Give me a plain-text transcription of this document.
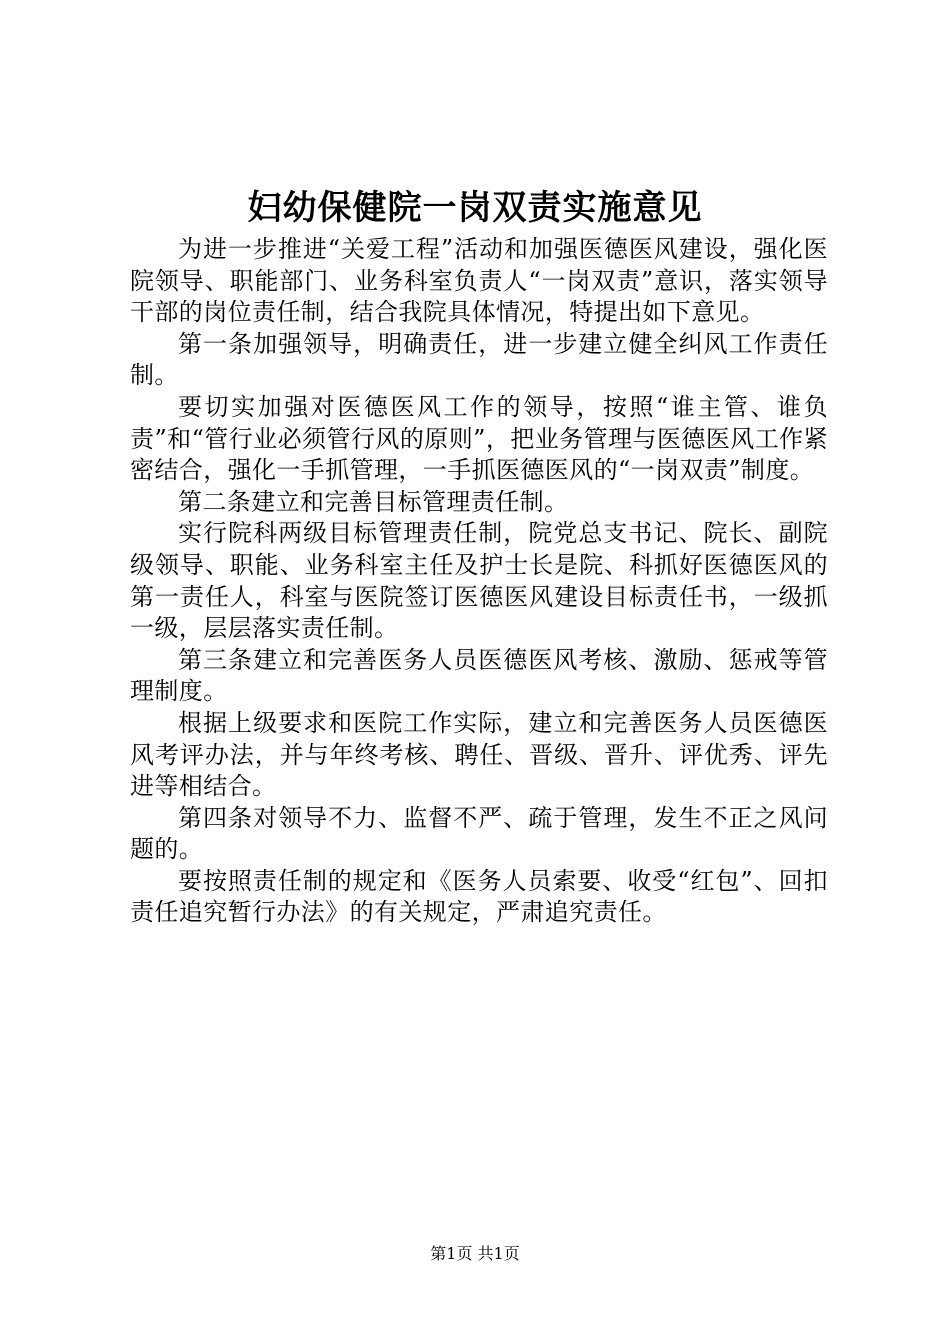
妇幼保健院一岗双责实施意见

为进一步推进“关爱工程”活动和加强医德医风建设，强化医院领导、职能部门、业务科室负责人“一岗双责”意识，落实领导干部的岗位责任制，结合我院具体情况，特提出如下意见。

第一条加强领导，明确责任，进一步建立健全纠风工作责任制。

要切实加强对医德医风工作的领导，按照“谁主管、谁负责”和“管行业必须管行风的原则”，把业务管理与医德医风工作紧密结合，强化一手抓管理，一手抓医德医风的“一岗双责”制度。

第二条建立和完善目标管理责任制。

实行院科两级目标管理责任制，院党总支书记、院长、副院级领导、职能、业务科室主任及护士长是院、科抓好医德医风的第一责任人，科室与医院签订医德医风建设目标责任书，一级抓一级，层层落实责任制。

第三条建立和完善医务人员医德医风考核、激励、惩戒等管理制度。

根据上级要求和医院工作实际，建立和完善医务人员医德医风考评办法，并与年终考核、聘任、晋级、晋升、评优秀、评先进等相结合。

第四条对领导不力、监督不严、疏于管理，发生不正之风问题的。

要按照责任制的规定和《医务人员索要、收受“红包”、回扣责任追究暂行办法》的有关规定，严肃追究责任。

第1页 共1页
